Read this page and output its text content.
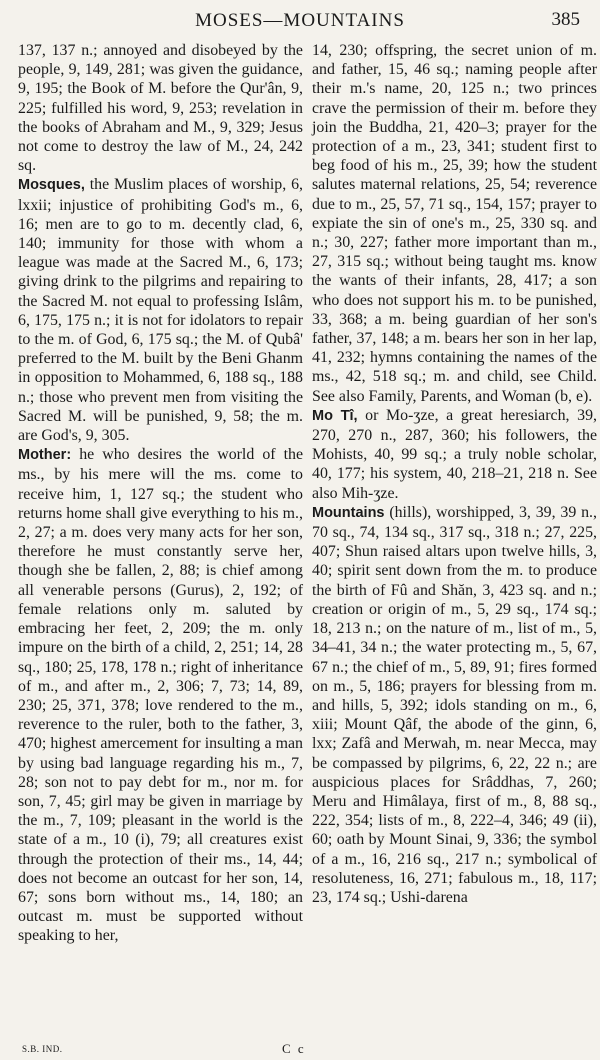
MOSES—MOUNTAINS	385

137, 137 n.; annoyed and disobeyed by the people, 9, 149, 281; was given the guidance, 9, 195; the Book of M. before the Qur'ân, 9, 225; fulfilled his word, 9, 253; revelation in the books of Abraham and M., 9, 329; Jesus not come to destroy the law of M., 24, 242 sq.

Mosques, the Muslim places of worship, 6, lxxii; injustice of prohibiting God's m., 6, 16; men are to go to m. decently clad, 6, 140; immunity for those with whom a league was made at the Sacred M., 6, 173; giving drink to the pilgrims and repairing to the Sacred M. not equal to professing Islâm, 6, 175, 175 n.; it is not for idolators to repair to the m. of God, 6, 175 sq.; the M. of Qubâ' preferred to the M. built by the Beni Ghanm in opposition to Mohammed, 6, 188 sq., 188 n.; those who prevent men from visiting the Sacred M. will be punished, 9, 58; the m. are God's, 9, 305.

Mother: he who desires the world of the ms., by his mere will the ms. come to receive him, 1, 127 sq.; the student who returns home shall give everything to his m., 2, 27; a m. does very many acts for her son, therefore he must constantly serve her, though she be fallen, 2, 88; is chief among all venerable persons (Gurus), 2, 192; of female relations only m. saluted by embracing her feet, 2, 209; the m. only impure on the birth of a child, 2, 251; 14, 28 sq., 180; 25, 178, 178 n.; right of inheritance of m., and after m., 2, 306; 7, 73; 14, 89, 230; 25, 371, 378; love rendered to the m., reverence to the ruler, both to the father, 3, 470; highest amercement for insulting a man by using bad language regarding his m., 7, 28; son not to pay debt for m., nor m. for son, 7, 45; girl may be given in marriage by the m., 7, 109; pleasant in the world is the state of a m., 10 (i), 79; all creatures exist through the protection of their ms., 14, 44; does not become an outcast for her son, 14, 67; sons born without ms., 14, 180; an outcast m. must be supported without speaking to her,

14, 230; offspring, the secret union of m. and father, 15, 46 sq.; naming people after their m.'s name, 20, 125 n.; two princes crave the permission of their m. before they join the Buddha, 21, 420–3; prayer for the protection of a m., 23, 341; student first to beg food of his m., 25, 39; how the student salutes maternal relations, 25, 54; reverence due to m., 25, 57, 71 sq., 154, 157; prayer to expiate the sin of one's m., 25, 330 sq. and n.; 30, 227; father more important than m., 27, 315 sq.; without being taught ms. know the wants of their infants, 28, 417; a son who does not support his m. to be punished, 33, 368; a m. being guardian of her son's father, 37, 148; a m. bears her son in her lap, 41, 232; hymns containing the names of the ms., 42, 518 sq.; m. and child, see Child. See also Family, Parents, and Woman (b, e).

Mo Tî, or Mo-ʒze, a great heresiarch, 39, 270, 270 n., 287, 360; his followers, the Mohists, 40, 99 sq.; a truly noble scholar, 40, 177; his system, 40, 218–21, 218 n. See also Mih-ʒze.

Mountains (hills), worshipped, 3, 39, 39 n., 70 sq., 74, 134 sq., 317 sq., 318 n.; 27, 225, 407; Shun raised altars upon twelve hills, 3, 40; spirit sent down from the m. to produce the birth of Fû and Shăn, 3, 423 sq. and n.; creation or origin of m., 5, 29 sq., 174 sq.; 18, 213 n.; on the nature of m., list of m., 5, 34–41, 34 n.; the water protecting m., 5, 67, 67 n.; the chief of m., 5, 89, 91; fires formed on m., 5, 186; prayers for blessing from m. and hills, 5, 392; idols standing on m., 6, xiii; Mount Qâf, the abode of the ginn, 6, lxx; Zafâ and Merwah, m. near Mecca, may be compassed by pilgrims, 6, 22, 22 n.; are auspicious places for Srâddhas, 7, 260; Meru and Himâlaya, first of m., 8, 88 sq., 222, 354; lists of m., 8, 222–4, 346; 49 (ii), 60; oath by Mount Sinai, 9, 336; the symbol of a m., 16, 216 sq., 217 n.; symbolical of resoluteness, 16, 271; fabulous m., 18, 117; 23, 174 sq.; Ushi-darena

S.B. IND.	C c
